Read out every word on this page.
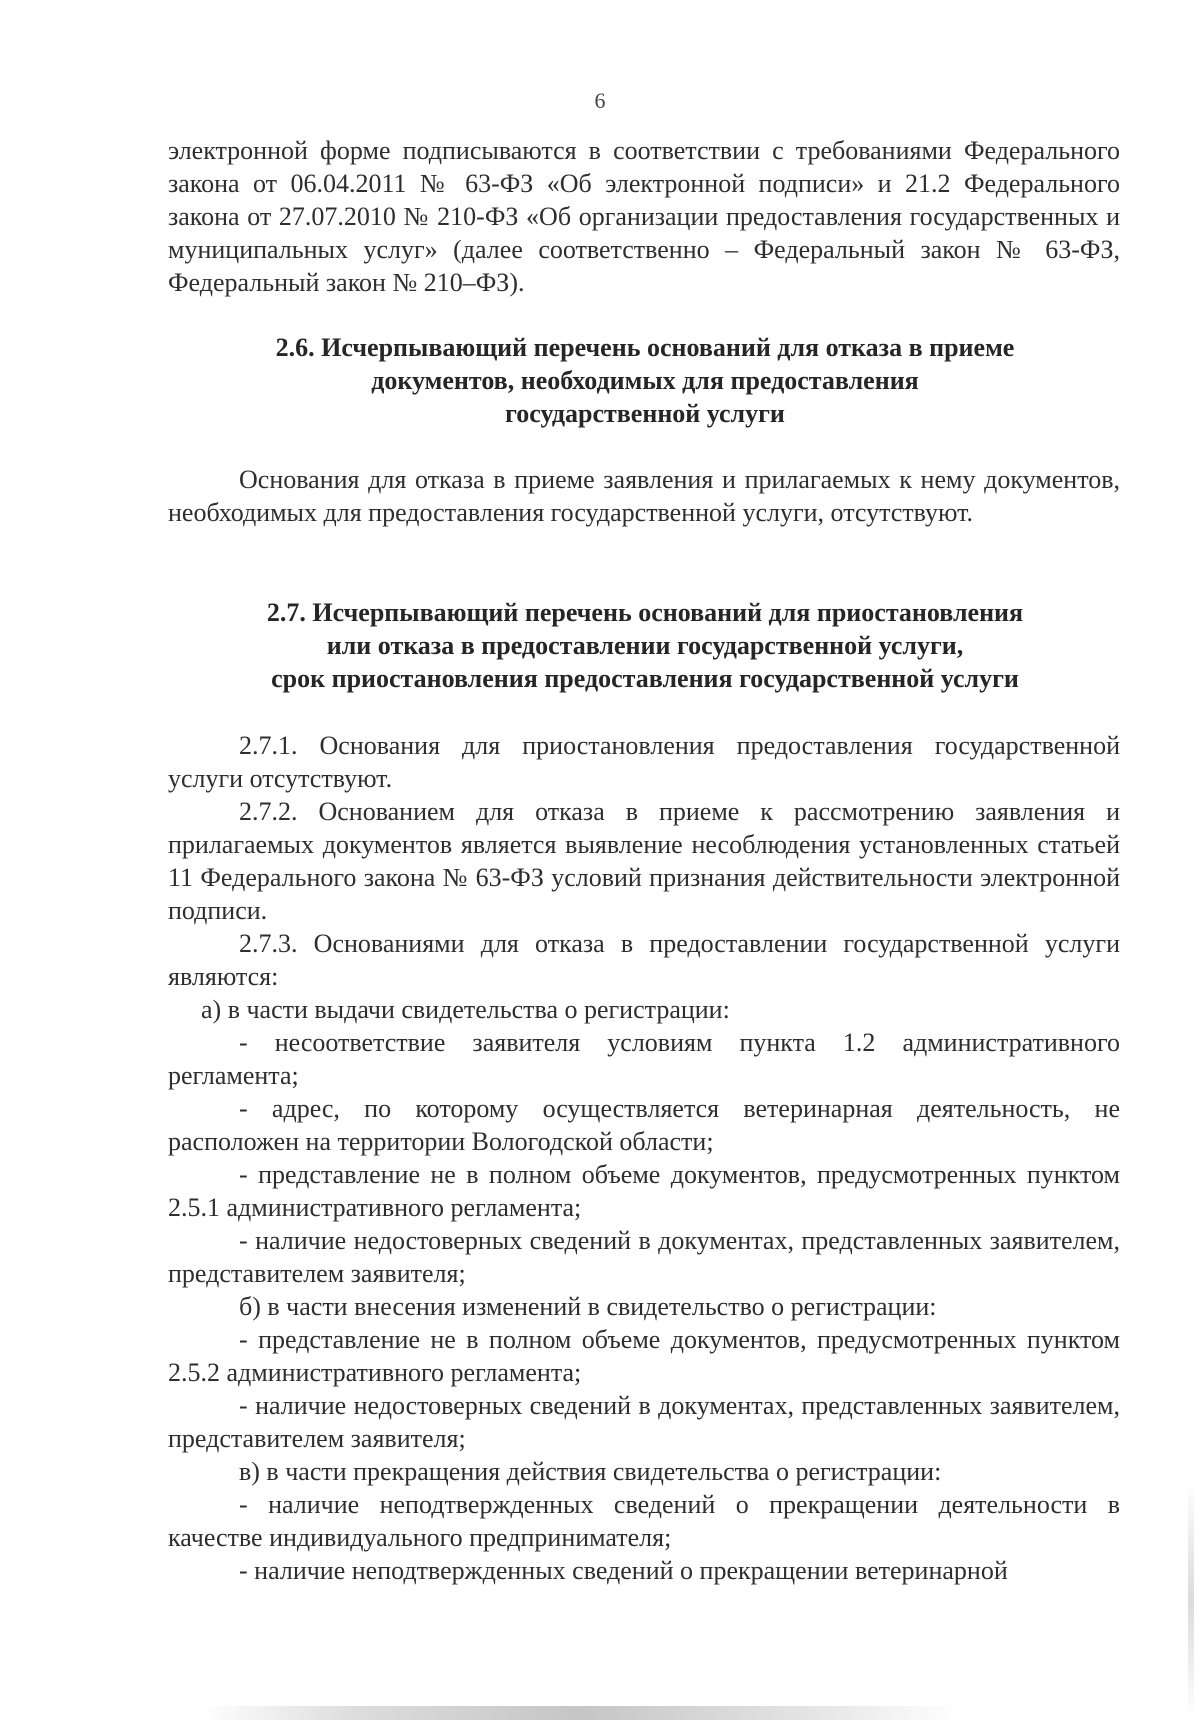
6

электронной форме подписываются в соответствии с требованиями Федерального закона от 06.04.2011 № 63-ФЗ «Об электронной подписи» и 21.2 Федерального закона от 27.07.2010 № 210-ФЗ «Об организации предоставления государственных и муниципальных услуг» (далее соответственно – Федеральный закон № 63-ФЗ, Федеральный закон № 210–ФЗ).

2.6. Исчерпывающий перечень оснований для отказа в приеме
документов, необходимых для предоставления
государственной услуги

Основания для отказа в приеме заявления и прилагаемых к нему документов, необходимых для предоставления государственной услуги, отсутствуют.

2.7. Исчерпывающий перечень оснований для приостановления
или отказа в предоставлении государственной услуги,
срок приостановления предоставления государственной услуги

2.7.1. Основания для приостановления предоставления государственной услуги отсутствуют.

2.7.2. Основанием для отказа в приеме к рассмотрению заявления и прилагаемых документов является выявление несоблюдения установленных статьей 11 Федерального закона № 63-ФЗ условий признания действительности электронной подписи.

2.7.3. Основаниями для отказа в предоставлении государственной услуги являются:

а) в части выдачи свидетельства о регистрации:

- несоответствие заявителя условиям пункта 1.2 административного регламента;

- адрес, по которому осуществляется ветеринарная деятельность, не расположен на территории Вологодской области;

- представление не в полном объеме документов, предусмотренных пунктом 2.5.1 административного регламента;

- наличие недостоверных сведений в документах, представленных заявителем, представителем заявителя;

б) в части внесения изменений в свидетельство о регистрации:

- представление не в полном объеме документов, предусмотренных пунктом 2.5.2 административного регламента;

- наличие недостоверных сведений в документах, представленных заявителем, представителем заявителя;

в) в части прекращения действия свидетельства о регистрации:

- наличие неподтвержденных сведений о прекращении деятельности в качестве индивидуального предпринимателя;

- наличие неподтвержденных сведений о прекращении ветеринарной
